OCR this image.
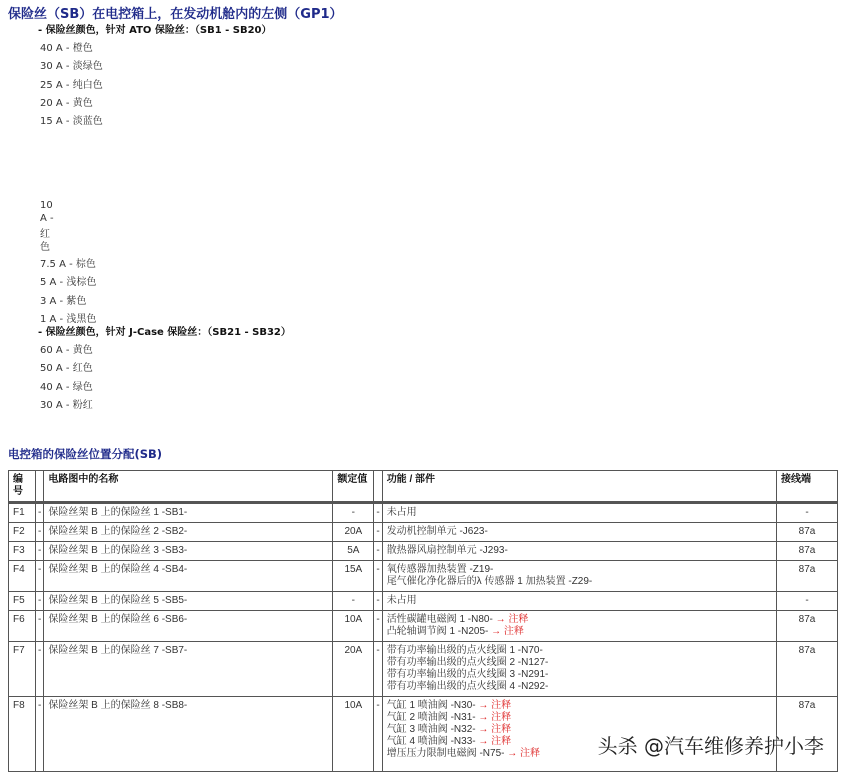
保险丝（SB）在电控箱上，在发动机舱内的左侧（GP1）
- 保险丝颜色，针对 ATO 保险丝：（SB1 - SB20）
40 A - 橙色
30 A - 淡绿色
25 A - 纯白色
20 A - 黄色
15 A - 淡蓝色
10
A -
红
色
7.5 A - 棕色
5 A - 浅棕色
3 A - 紫色
1 A - 浅黑色
- 保险丝颜色，针对 J-Case 保险丝：（SB21 - SB32）
60 A - 黄色
50 A - 红色
40 A - 绿色
30 A - 粉红
电控箱的保险丝位置分配(SB)
编号		电路图中的名称	额定值		功能 / 部件	接线端
F1	-	保险丝架 B 上的保险丝 1 -SB1-	-	-	未占用	-
F2	-	保险丝架 B 上的保险丝 2 -SB2-	20A	-	发动机控制单元 -J623-	87a
F3	-	保险丝架 B 上的保险丝 3 -SB3-	5A	-	散热器风扇控制单元 -J293-	87a
F4	-	保险丝架 B 上的保险丝 4 -SB4-	15A	-	氧传感器加热装置 -Z19-
尾气催化净化器后的λ 传感器 1 加热装置 -Z29-	87a
F5	-	保险丝架 B 上的保险丝 5 -SB5-	-	-	未占用	-
F6	-	保险丝架 B 上的保险丝 6 -SB6-	10A	-	活性碳罐电磁阀 1 -N80- → 注释
凸轮轴调节阀 1 -N205- → 注释	87a
F7	-	保险丝架 B 上的保险丝 7 -SB7-	20A	-	带有功率输出级的点火线圈 1 -N70-
带有功率输出级的点火线圈 2 -N127-
带有功率输出级的点火线圈 3 -N291-
带有功率输出级的点火线圈 4 -N292-	87a
F8	-	保险丝架 B 上的保险丝 8 -SB8-	10A	-	气缸 1 喷油阀 -N30- → 注释
气缸 2 喷油阀 -N31- → 注释
气缸 3 喷油阀 -N32- → 注释
气缸 4 喷油阀 -N33- → 注释
增压压力限制电磁阀 -N75- → 注释	87a
头杀 @汽车维修养护小李
